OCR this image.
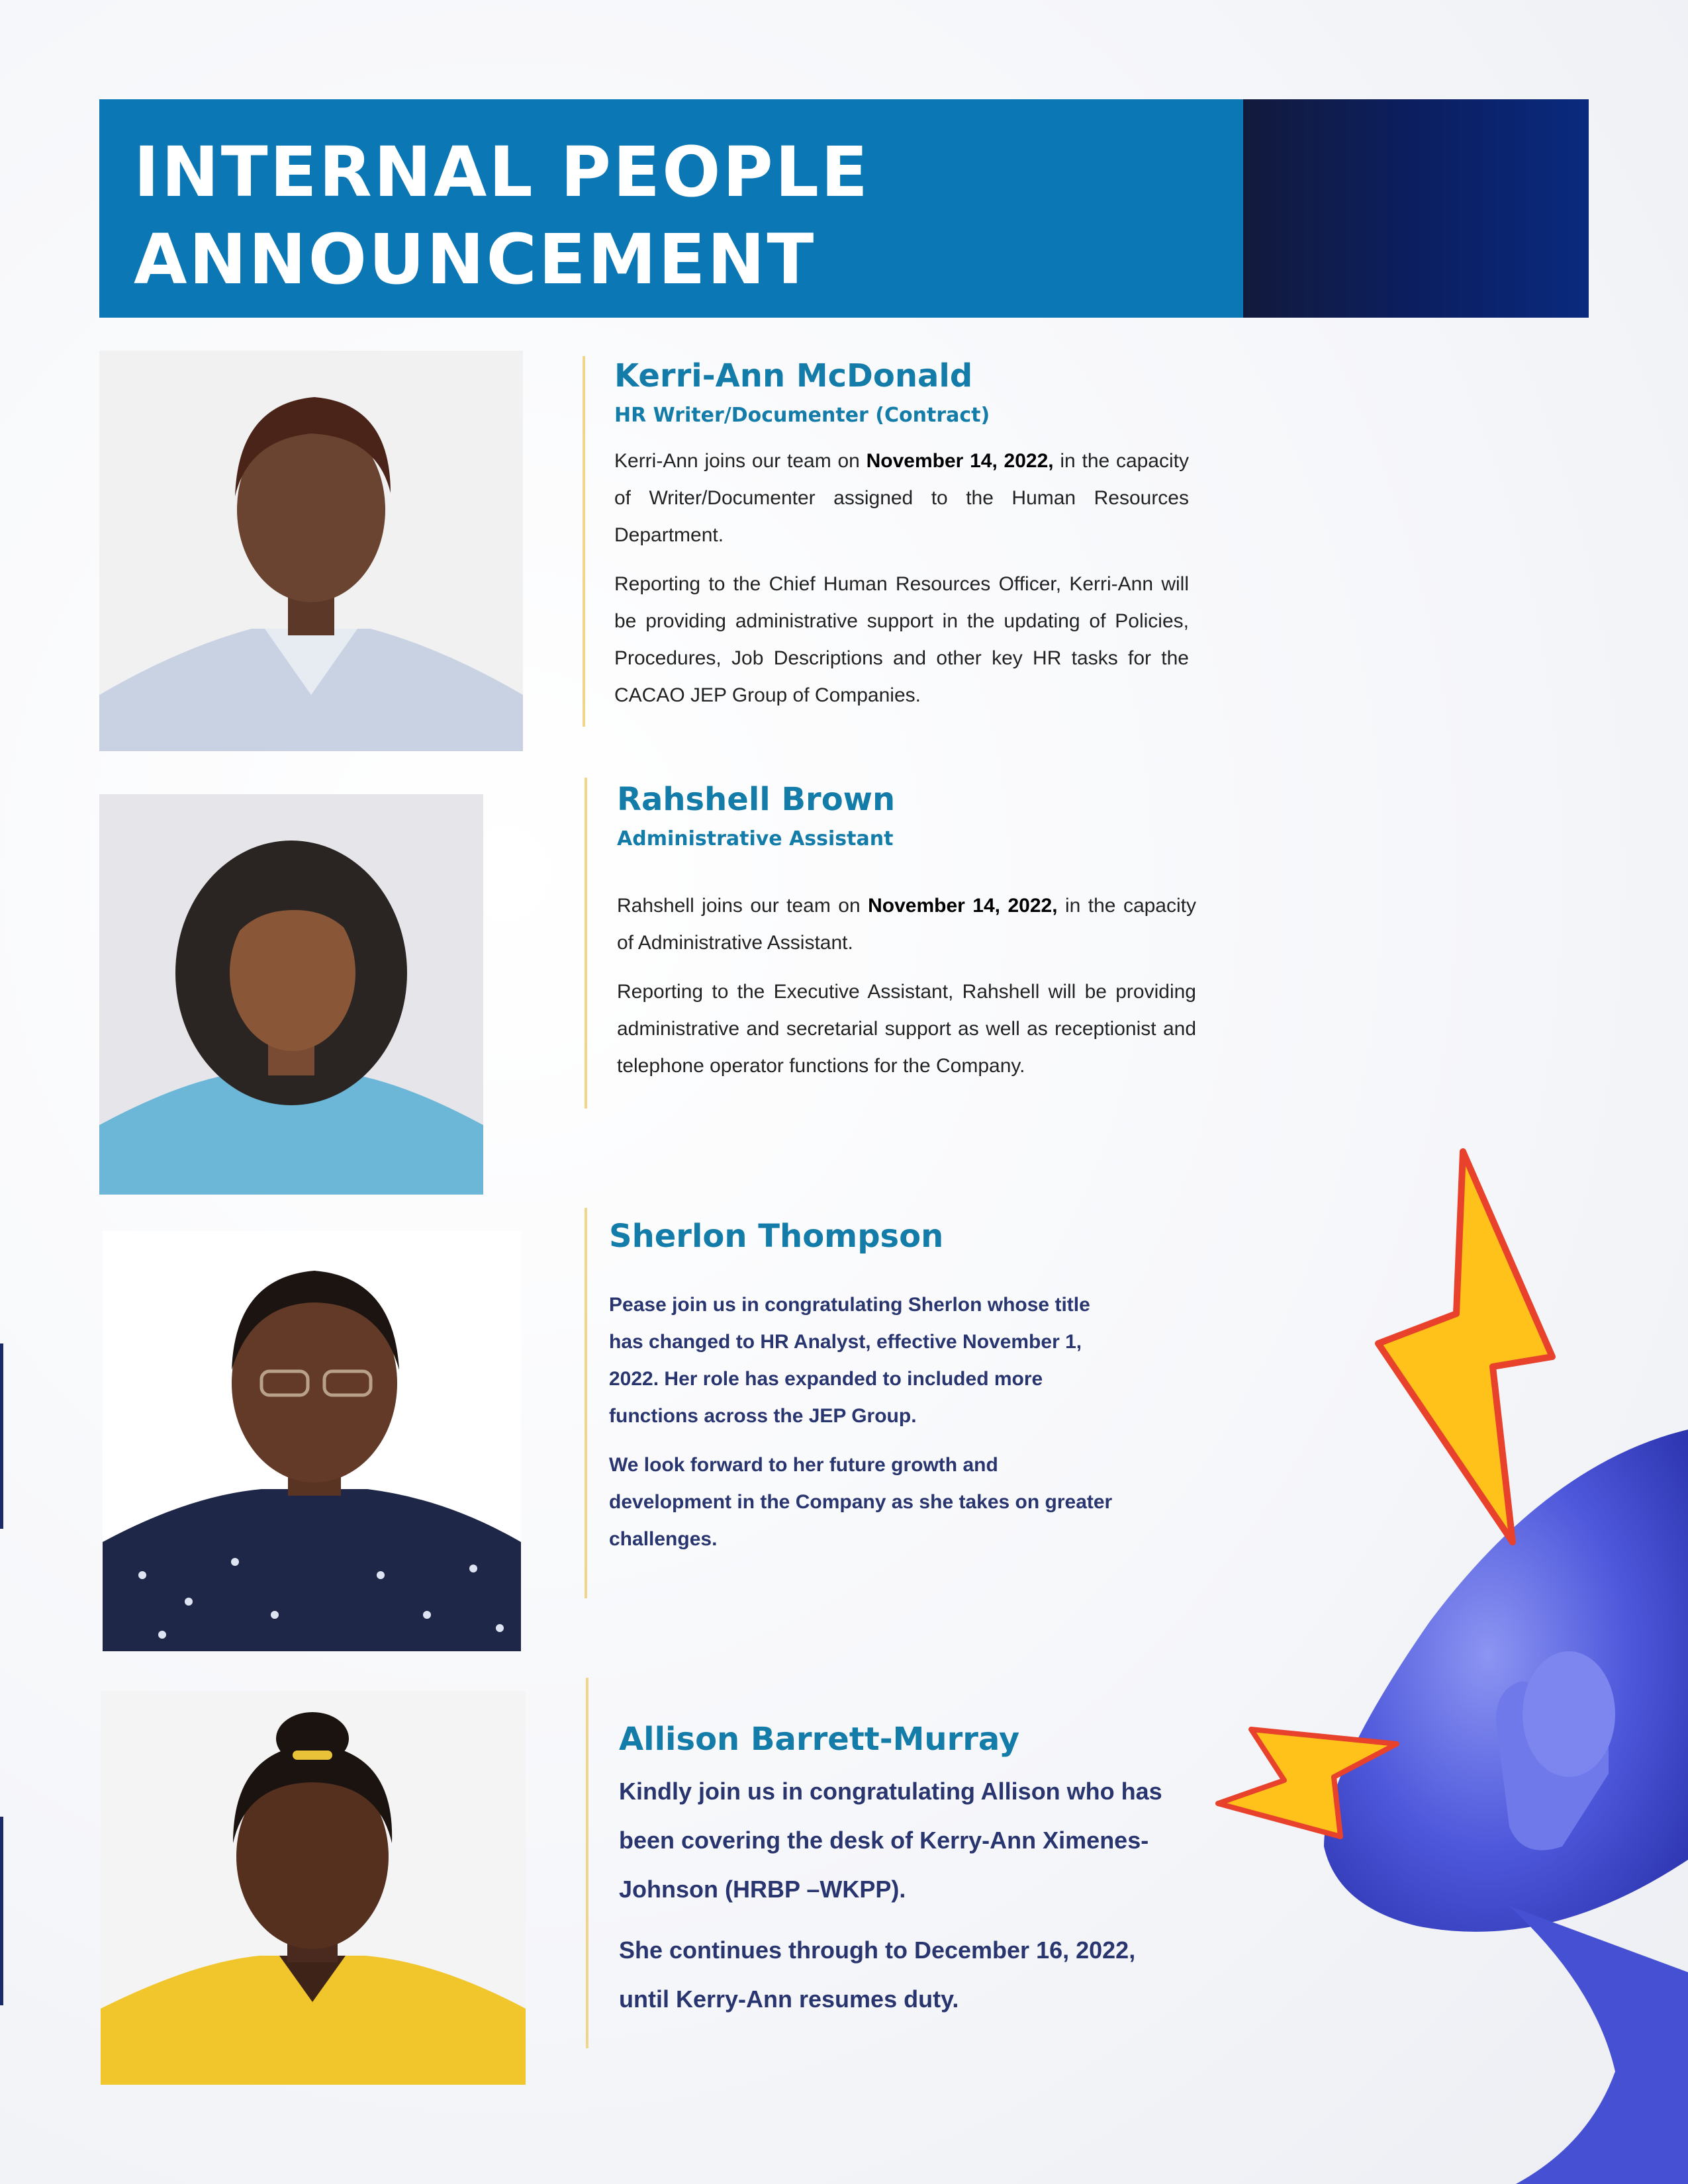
INTERNAL PEOPLE
ANNOUNCEMENT
Kerri-Ann McDonald
HR Writer/Documenter (Contract)

Kerri-Ann joins our team on November 14, 2022, in the capacity of Writer/Documenter assigned to the Human Resources Department.

Reporting to the Chief Human Resources Officer, Kerri-Ann will be providing administrative support in the updating of Policies, Procedures, Job Descriptions and other key HR tasks for the CACAO JEP Group of Companies.

Rahshell Brown
Administrative Assistant

Rahshell joins our team on November 14, 2022, in the capacity of Administrative Assistant.

Reporting to the Executive Assistant, Rahshell will be providing administrative and secretarial support as well as receptionist and telephone operator functions for the Company.

Sherlon Thompson

Pease join us in congratulating Sherlon whose title has changed to HR Analyst, effective November 1, 2022. Her role has expanded to included more functions across the JEP Group.

We look forward to her future growth and development in the Company as she takes on greater challenges.

Allison Barrett-Murray

Kindly join us in congratulating Allison who has been covering the desk of Kerry-Ann Ximenes-Johnson (HRBP –WKPP).

She continues through to December 16, 2022, until Kerry-Ann resumes duty.
